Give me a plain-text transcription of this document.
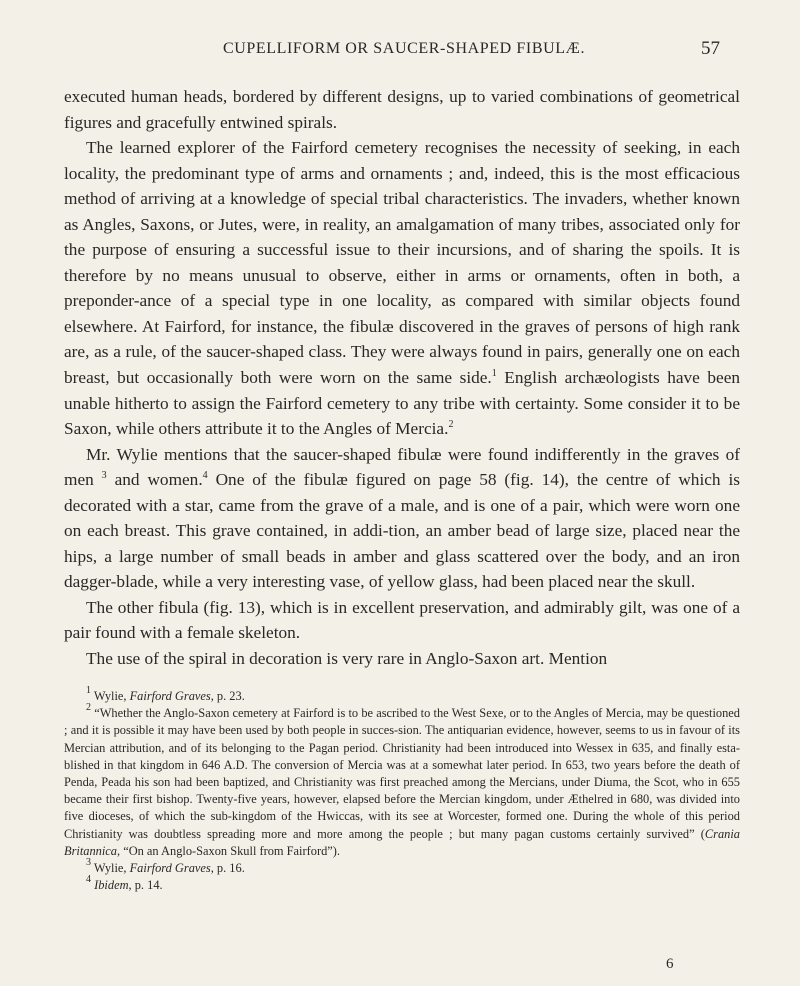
CUPELLIFORM OR SAUCER-SHAPED FIBULÆ.	57

executed human heads, bordered by different designs, up to varied combinations of geometrical figures and gracefully entwined spirals.

The learned explorer of the Fairford cemetery recognises the necessity of seeking, in each locality, the predominant type of arms and ornaments ; and, indeed, this is the most efficacious method of arriving at a knowledge of special tribal characteristics. The invaders, whether known as Angles, Saxons, or Jutes, were, in reality, an amalgamation of many tribes, associated only for the purpose of ensuring a successful issue to their incursions, and of sharing the spoils. It is therefore by no means unusual to observe, either in arms or ornaments, often in both, a preponder-ance of a special type in one locality, as compared with similar objects found elsewhere. At Fairford, for instance, the fibulæ discovered in the graves of persons of high rank are, as a rule, of the saucer-shaped class. They were always found in pairs, generally one on each breast, but occasionally both were worn on the same side.$^1$ English archæologists have been unable hitherto to assign the Fairford cemetery to any tribe with certainty. Some consider it to be Saxon, while others attribute it to the Angles of Mercia.$^2$

Mr. Wylie mentions that the saucer-shaped fibulæ were found indifferently in the graves of men $^3$ and women.$^4$ One of the fibulæ figured on page 58 (fig. 14), the centre of which is decorated with a star, came from the grave of a male, and is one of a pair, which were worn one on each breast. This grave contained, in addi-tion, an amber bead of large size, placed near the hips, a large number of small beads in amber and glass scattered over the body, and an iron dagger-blade, while a very interesting vase, of yellow glass, had been placed near the skull.

The other fibula (fig. 13), which is in excellent preservation, and admirably gilt, was one of a pair found with a female skeleton.

The use of the spiral in decoration is very rare in Anglo-Saxon art. Mention

$^1$ Wylie, Fairford Graves, p. 23.

$^2$ “Whether the Anglo-Saxon cemetery at Fairford is to be ascribed to the West Sexe, or to the Angles of Mercia, may be questioned ; and it is possible it may have been used by both people in succes-sion. The antiquarian evidence, however, seems to us in favour of its Mercian attribution, and of its belonging to the Pagan period. Christianity had been introduced into Wessex in 635, and finally esta-blished in that kingdom in 646 A.D. The conversion of Mercia was at a somewhat later period. In 653, two years before the death of Penda, Peada his son had been baptized, and Christianity was first preached among the Mercians, under Diuma, the Scot, who in 655 became their first bishop. Twenty-five years, however, elapsed before the Mercian kingdom, under Æthelred in 680, was divided into five dioceses, of which the sub-kingdom of the Hwiccas, with its see at Worcester, formed one. During the whole of this period Christianity was doubtless spreading more and more among the people ; but many pagan customs certainly survived” (Crania Britannica, “On an Anglo-Saxon Skull from Fairford”).

$^3$ Wylie, Fairford Graves, p. 16.

$^4$ Ibidem, p. 14.

6
